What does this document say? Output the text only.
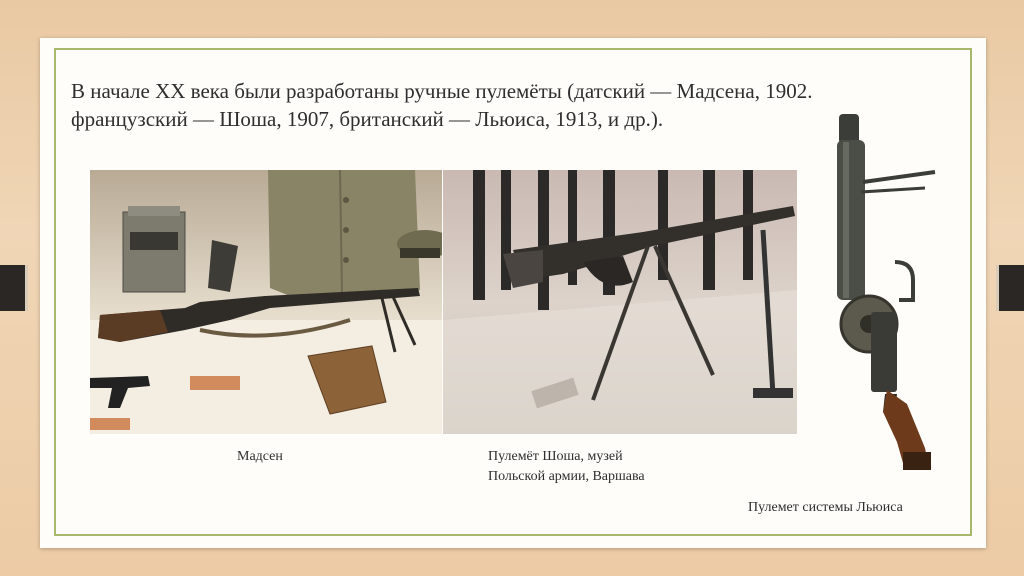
В начале XX века были разработаны ручные пулемёты (датский — Мадсена, 1902.
французский — Шоша, 1907, британский — Льюиса, 1913, и др.).

Мадсен	Пулемёт Шоша, музей
Польской армии, Варшава

Пулемет системы Льюиса
